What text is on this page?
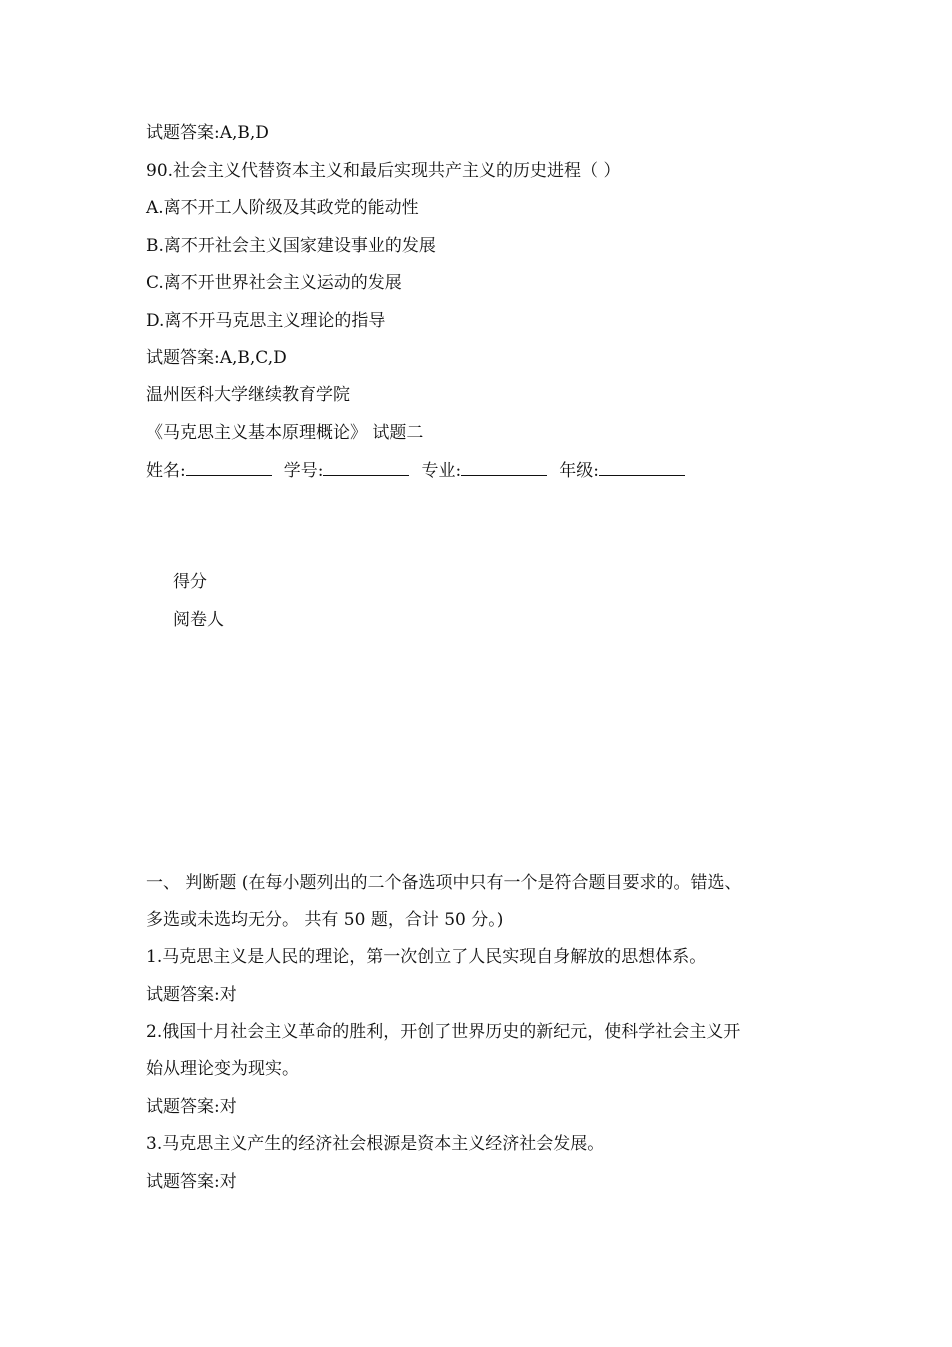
试题答案:A,B,D
90.社会主义代替资本主义和最后实现共产主义的历史进程（ ）
A.离不开工人阶级及其政党的能动性
B.离不开社会主义国家建设事业的发展
C.离不开世界社会主义运动的发展
D.离不开马克思主义理论的指导
试题答案:A,B,C,D
温州医科大学继续教育学院
《马克思主义基本原理概论》 试题二
姓名:	学号:	专业:	年级:
得分
阅卷人
一、 判断题 (在每小题列出的二个备选项中只有一个是符合题目要求的。错选、
多选或未选均无分。 共有 50 题，合计 50 分。)
1.马克思主义是人民的理论，第一次创立了人民实现自身解放的思想体系。
试题答案:对
2.俄国十月社会主义革命的胜利，开创了世界历史的新纪元，使科学社会主义开
始从理论变为现实。
试题答案:对
3.马克思主义产生的经济社会根源是资本主义经济社会发展。
试题答案:对
